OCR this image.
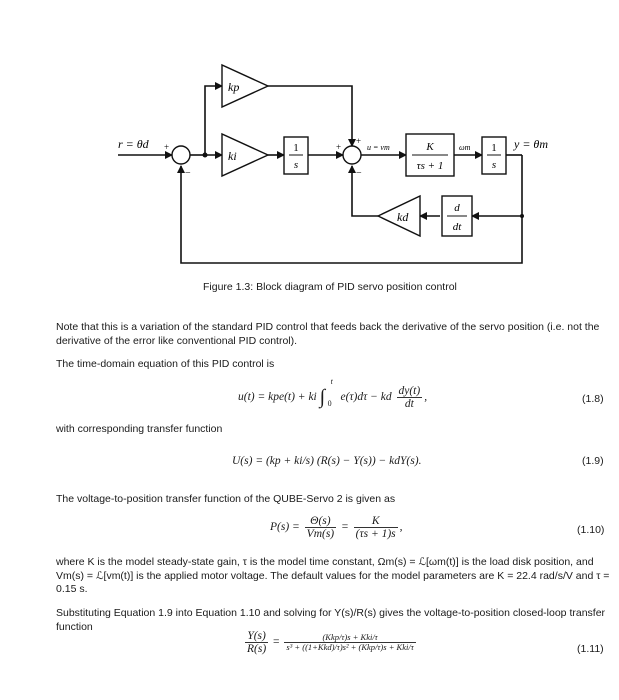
+
−
+
+
−
kp
ki
kd
1
s
K
τs + 1
1
s
d
dt
r = θd	u = vm	ωm	y = θm
Figure 1.3: Block diagram of PID servo position control
Note that this is a variation of the standard PID control that feeds back the derivative of the servo position (i.e. not the derivative of the error like conventional PID control).
The time-domain equation of this PID control is
u(t) = kpe(t) + ki ∫
t
0
e(τ)dτ − kd $\frac{dy(t)}{dt}$ ,	(1.8)
with corresponding transfer function
U(s) = (kp + ki/s) (R(s) − Y(s)) − kdY(s).	(1.9)
The voltage-to-position transfer function of the QUBE-Servo 2 is given as
$P(s) = \frac{\Theta(s)}{Vm(s)} = \frac{K}{(\tau s + 1)s}$ ,	(1.10)
where K is the model steady-state gain, τ is the model time constant, Ωm(s) = ℒ[ωm(t)] is the load disk position, and Vm(s) = ℒ[vm(t)] is the applied motor voltage. The default values for the model parameters are K = 22.4 rad/s/V and τ = 0.15 s.
Substituting Equation 1.9 into Equation 1.10 and solving for Y(s)/R(s) gives the voltage-to-position closed-loop transfer function
$\frac{Y(s)}{R(s)} = \frac{\text{(Kkp/τ)s + Kki/τ}}{\text{s³ + ((1+Kkd)/τ)s² + (Kkp/τ)s + Kki/τ}}$	(1.11)
